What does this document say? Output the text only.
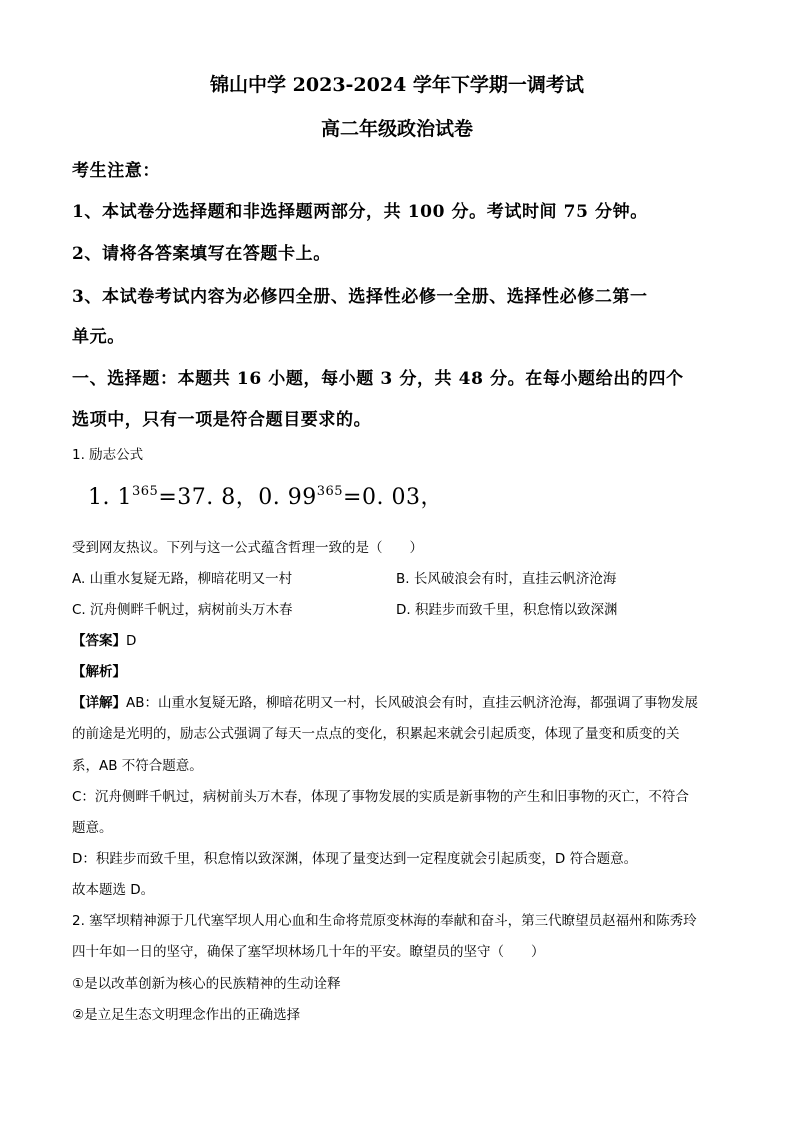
锦山中学 2023-2024 学年下学期一调考试
高二年级政治试卷
考生注意：
1、本试卷分选择题和非选择题两部分，共 100 分。考试时间 75 分钟。
2、请将各答案填写在答题卡上。
3、本试卷考试内容为必修四全册、选择性必修一全册、选择性必修二第一
单元。
一、选择题：本题共 16 小题，每小题 3 分，共 48 分。在每小题给出的四个
选项中，只有一项是符合题目要求的。
1. 励志公式
1. $1^{365}=37$. 8，0. $99^{365}=0$. 03，
受到网友热议。下列与这一公式蕴含哲理一致的是（　　）
A. 山重水复疑无路，柳暗花明又一村	B. 长风破浪会有时，直挂云帆济沧海
C. 沉舟侧畔千帆过，病树前头万木春	D. 积跬步而致千里，积怠惰以致深渊
【答案】D
【解析】
【详解】AB：山重水复疑无路，柳暗花明又一村，长风破浪会有时，直挂云帆济沧海，都强调了事物发展
的前途是光明的，励志公式强调了每天一点点的变化，积累起来就会引起质变，体现了量变和质变的关
系，AB 不符合题意。
C：沉舟侧畔千帆过，病树前头万木春，体现了事物发展的实质是新事物的产生和旧事物的灭亡，不符合
题意。
D：积跬步而致千里，积怠惰以致深渊，体现了量变达到一定程度就会引起质变，D 符合题意。
故本题选 D。
2. 塞罕坝精神源于几代塞罕坝人用心血和生命将荒原变林海的奉献和奋斗，第三代瞭望员赵福州和陈秀玲
四十年如一日的坚守，确保了塞罕坝林场几十年的平安。瞭望员的坚守（　　）
①是以改革创新为核心的民族精神的生动诠释
②是立足生态文明理念作出的正确选择
